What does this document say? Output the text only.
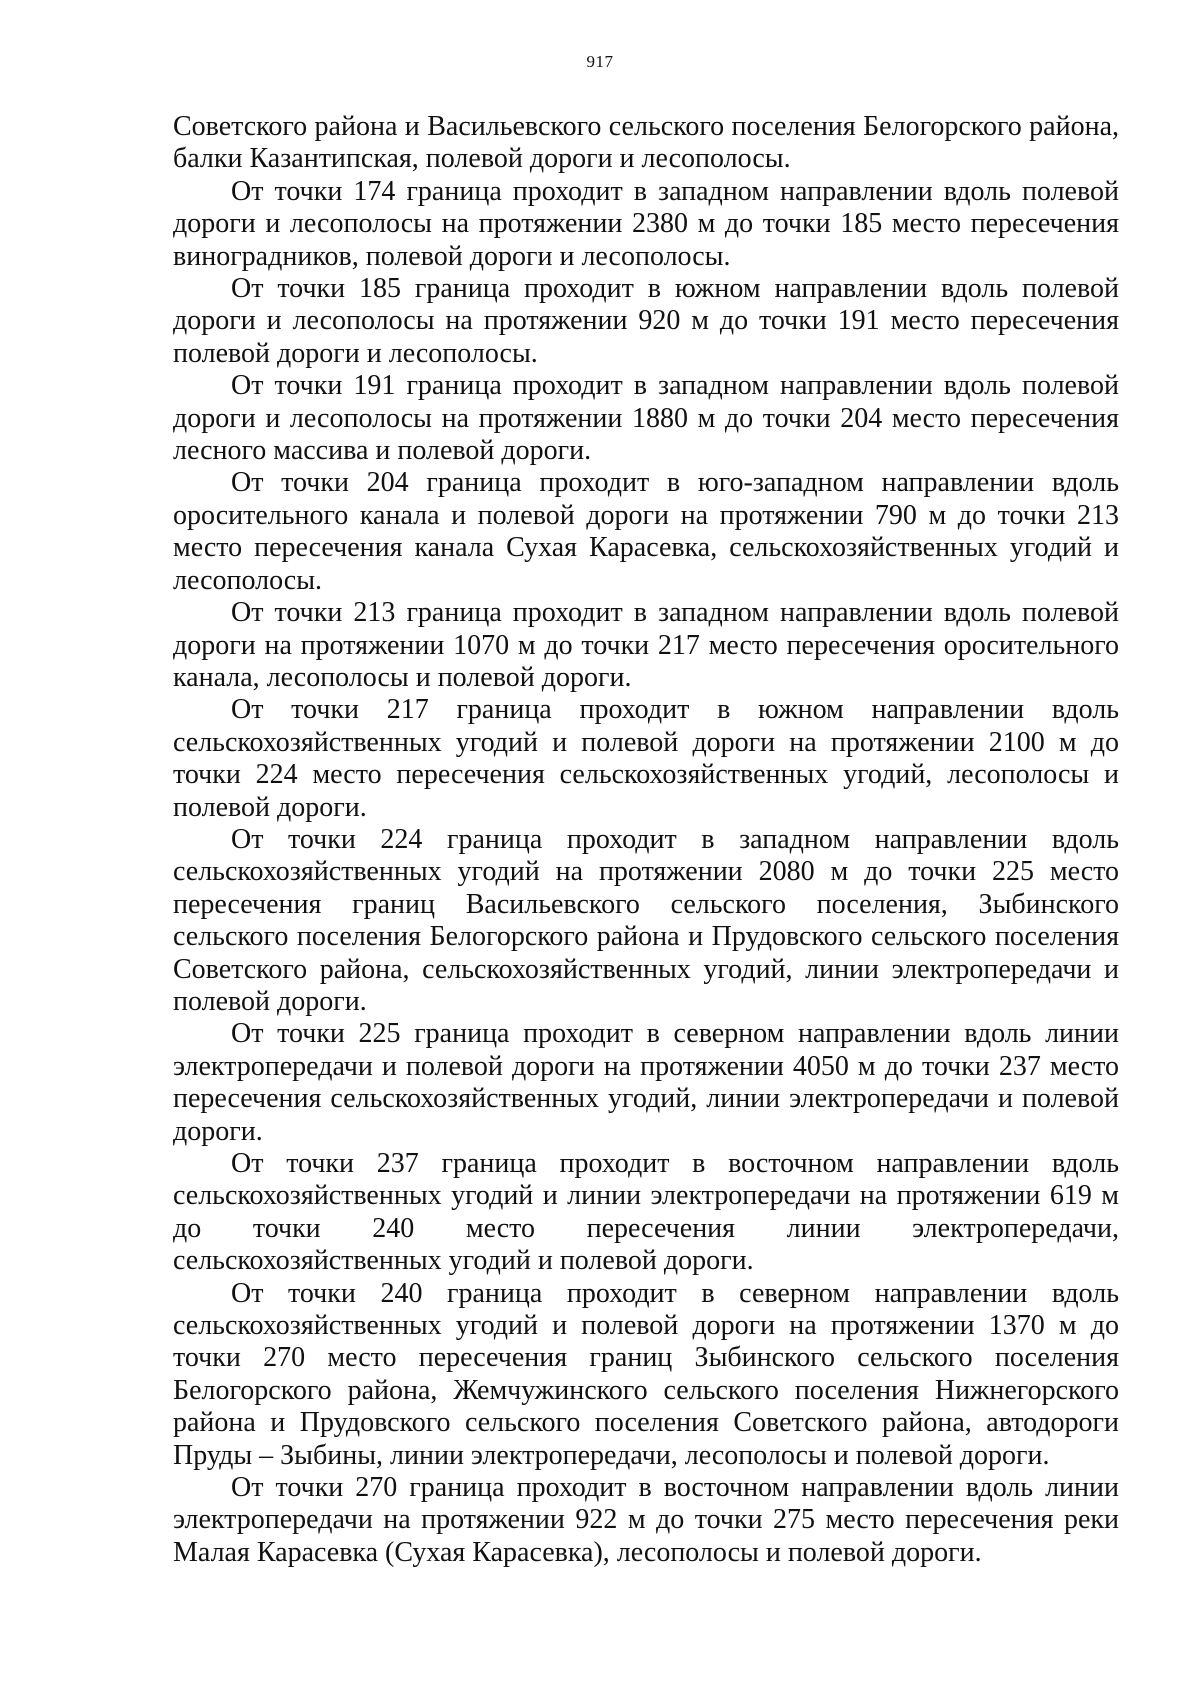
917

Советского района и Васильевского сельского поселения Белогорского района, балки Казантипская, полевой дороги и лесополосы.

От точки 174 граница проходит в западном направлении вдоль полевой дороги и лесополосы на протяжении 2380 м до точки 185 место пересечения виноградников, полевой дороги и лесополосы.

От точки 185 граница проходит в южном направлении вдоль полевой дороги и лесополосы на протяжении 920 м до точки 191 место пересечения полевой дороги и лесополосы.

От точки 191 граница проходит в западном направлении вдоль полевой дороги и лесополосы на протяжении 1880 м до точки 204 место пересечения лесного массива и полевой дороги.

От точки 204 граница проходит в юго-западном направлении вдоль оросительного канала и полевой дороги на протяжении 790 м до точки 213 место пересечения канала Сухая Карасевка, сельскохозяйственных угодий и лесополосы.

От точки 213 граница проходит в западном направлении вдоль полевой дороги на протяжении 1070 м до точки 217 место пересечения оросительного канала, лесополосы и полевой дороги.

От точки 217 граница проходит в южном направлении вдоль сельскохозяйственных угодий и полевой дороги на протяжении 2100 м до точки 224 место пересечения сельскохозяйственных угодий, лесополосы и полевой дороги.

От точки 224 граница проходит в западном направлении вдоль сельскохозяйственных угодий на протяжении 2080 м до точки 225 место пересечения границ Васильевского сельского поселения, Зыбинского сельского поселения Белогорского района и Прудовского сельского поселения Советского района, сельскохозяйственных угодий, линии электропередачи и полевой дороги.

От точки 225 граница проходит в северном направлении вдоль линии электропередачи и полевой дороги на протяжении 4050 м до точки 237 место пересечения сельскохозяйственных угодий, линии электропередачи и полевой дороги.

От точки 237 граница проходит в восточном направлении вдоль сельскохозяйственных угодий и линии электропередачи на протяжении 619 м до точки 240 место пересечения линии электропередачи, сельскохозяйственных угодий и полевой дороги.

От точки 240 граница проходит в северном направлении вдоль сельскохозяйственных угодий и полевой дороги на протяжении 1370 м до точки 270 место пересечения границ Зыбинского сельского поселения Белогорского района, Жемчужинского сельского поселения Нижнегорского района и Прудовского сельского поселения Советского района, автодороги Пруды – Зыбины, линии электропередачи, лесополосы и полевой дороги.

От точки 270 граница проходит в восточном направлении вдоль линии электропередачи на протяжении 922 м до точки 275 место пересечения реки Малая Карасевка (Сухая Карасевка), лесополосы и полевой дороги.
